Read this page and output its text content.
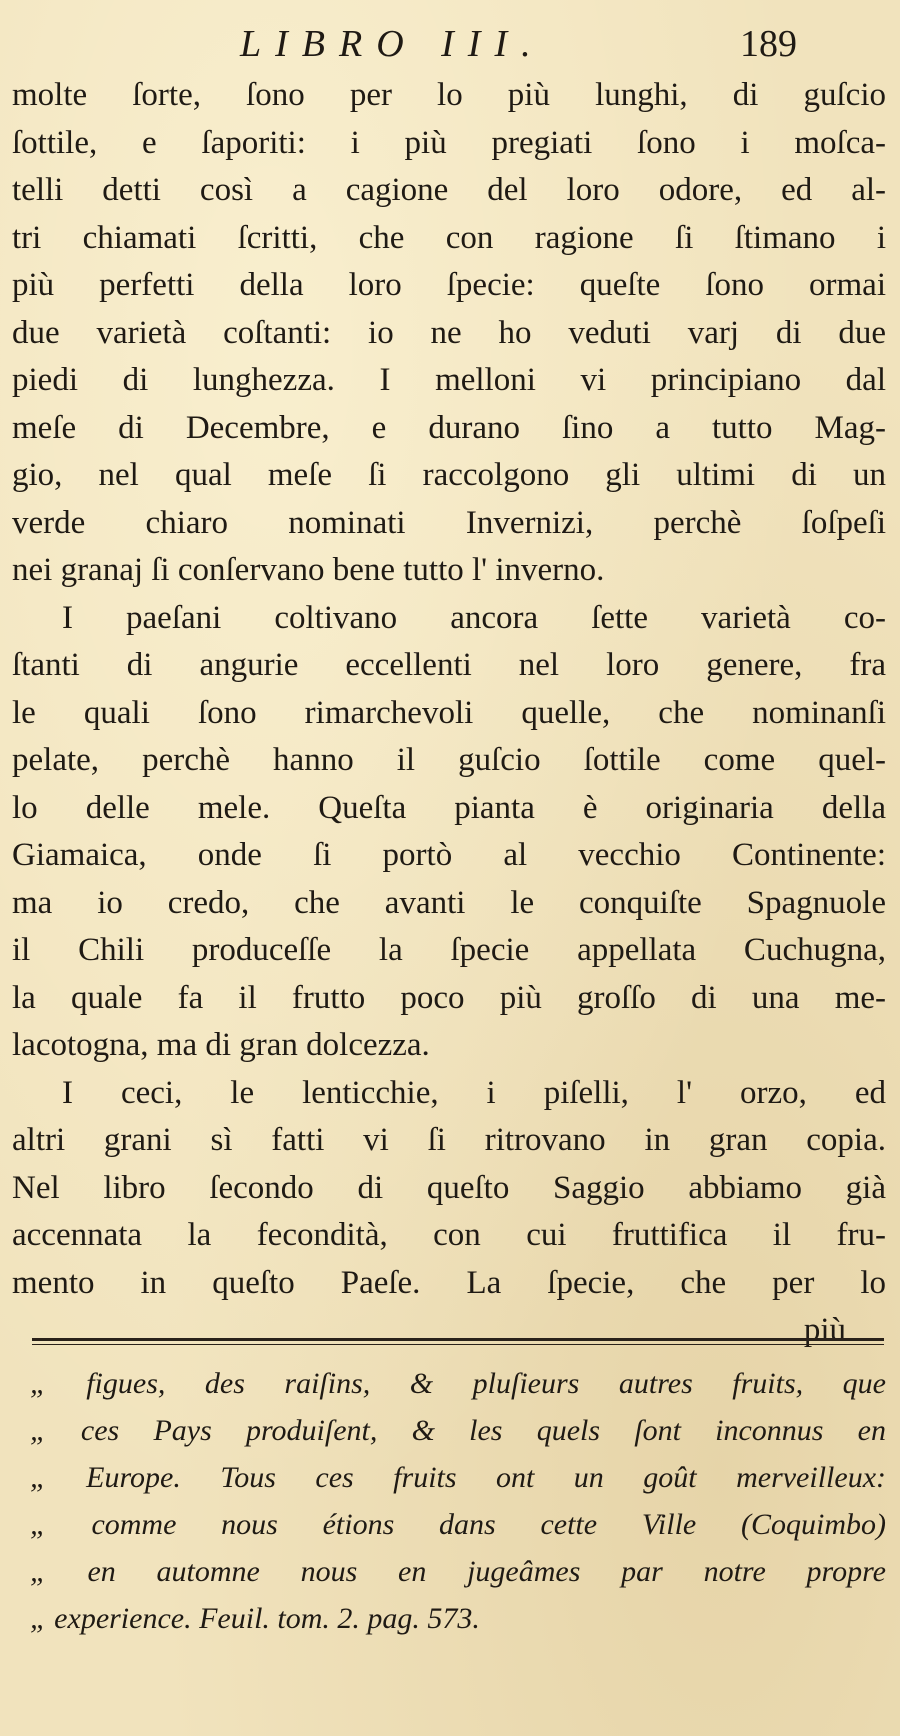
LIBRO III.	189
molte ſorte, ſono per lo più lunghi, di guſcio
ſottile, e ſaporiti: i più pregiati ſono i moſca-
telli detti così a cagione del loro odore, ed al-
tri chiamati ſcritti, che con ragione ſi ſtimano i
più perfetti della loro ſpecie: queſte ſono ormai
due varietà coſtanti: io ne ho veduti varj di due
piedi di lunghezza. I melloni vi principiano dal
meſe di Decembre, e durano ſino a tutto Mag-
gio, nel qual meſe ſi raccolgono gli ultimi di un
verde chiaro nominati Invernizi, perchè ſoſpeſi
nei granaj ſi conſervano bene tutto l' inverno.
I paeſani coltivano ancora ſette varietà co-
ſtanti di angurie eccellenti nel loro genere, fra
le quali ſono rimarchevoli quelle, che nominanſi
pelate, perchè hanno il guſcio ſottile come quel-
lo delle mele. Queſta pianta è originaria della
Giamaica, onde ſi portò al vecchio Continente:
ma io credo, che avanti le conquiſte Spagnuole
il Chili produceſſe la ſpecie appellata Cuchugna,
la quale fa il frutto poco più groſſo di una me-
lacotogna, ma di gran dolcezza.
I ceci, le lenticchie, i piſelli, l' orzo, ed
altri grani sì fatti vi ſi ritrovano in gran copia.
Nel libro ſecondo di queſto Saggio abbiamo già
accennata la fecondità, con cui fruttifica il fru-
mento in queſto Paeſe. La ſpecie, che per lo
più
„ figues, des raiſins, & pluſieurs autres fruits, que
„ ces Pays produiſent, & les quels ſont inconnus en
„ Europe. Tous ces fruits ont un goût merveilleux:
„ comme nous étions dans cette Ville (Coquimbo)
„ en automne nous en jugeâmes par notre propre
„ experience. Feuil. tom. 2. pag. 573.
